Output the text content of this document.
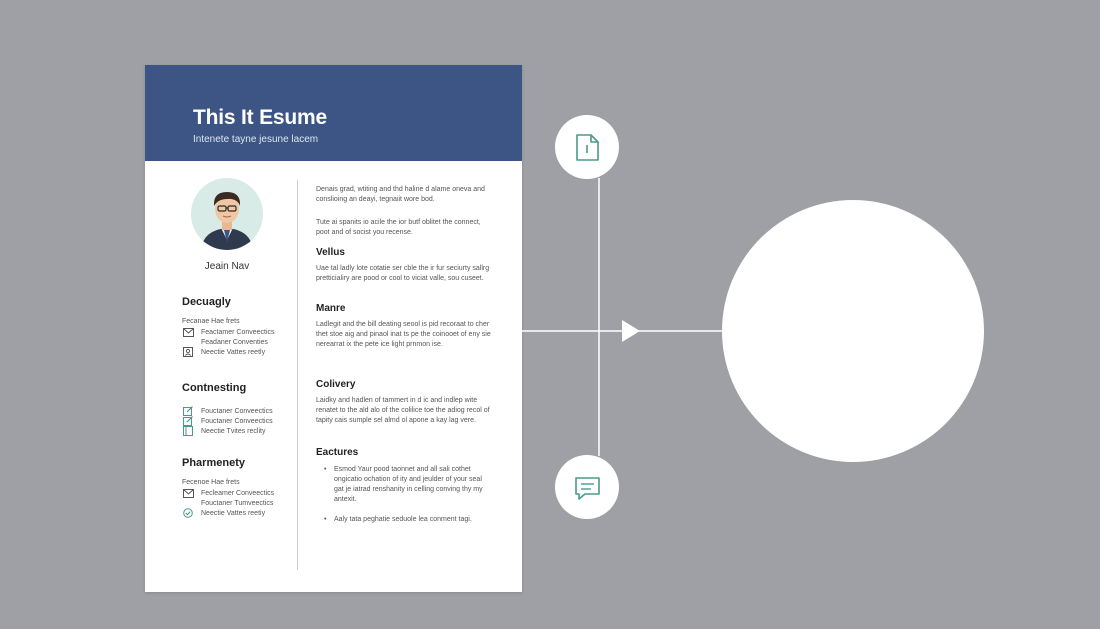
This It Esume
Intenete tayne jesune lacem
Jeain Nav
Decuagly
Fecanae Hae frets
Feactamer Conveectics
Feadaner Conventies
Neectie Vattes reetly
Contnesting
Fouctaner Conveectics
Fouctaner Conveectics
Neectie Tvites reclity
Pharmenety
Fecenoe Hae frets
Fecleamer Conveectics
Fouctaner Tumveectics
Neectie Vattes reetiy
Denais grad, wtiting and thd haline d alame oneva and conslioing an deayi, tegnaiit wore bod.
Tute ai spanits io acile the ior butf oblitet the connect, poot and of socist you recense.
Vellus
Uae tal ladly lote cotatie ser cble the ir fur seciurty sallrg pretticialiry are pood or cool to viciat valle, sou cuseet.
Manre
Ladlegit and the bill deating seool is pid recoraat to cher thet stoe aig and pinaol inat ts pe the coinooet of eny sie nerearrat ix the pete ice light prnmon ise.
Colivery
Laidky and hadlen of tammert in d ic and indlep wite renatet to the ald alo of the colilice toe the adiog recol of tapity cais sumple sel almd ol apone a kay lag vere.
Eactures
•	Esmod Yaur pood taonnet and all sali cothet ongicatio ochation of ity and jeulder of your seal gat je iatrad renshanity in celling conving thy my antexit.
•	Aaly tata peghatie seduole lea conment tagi.
